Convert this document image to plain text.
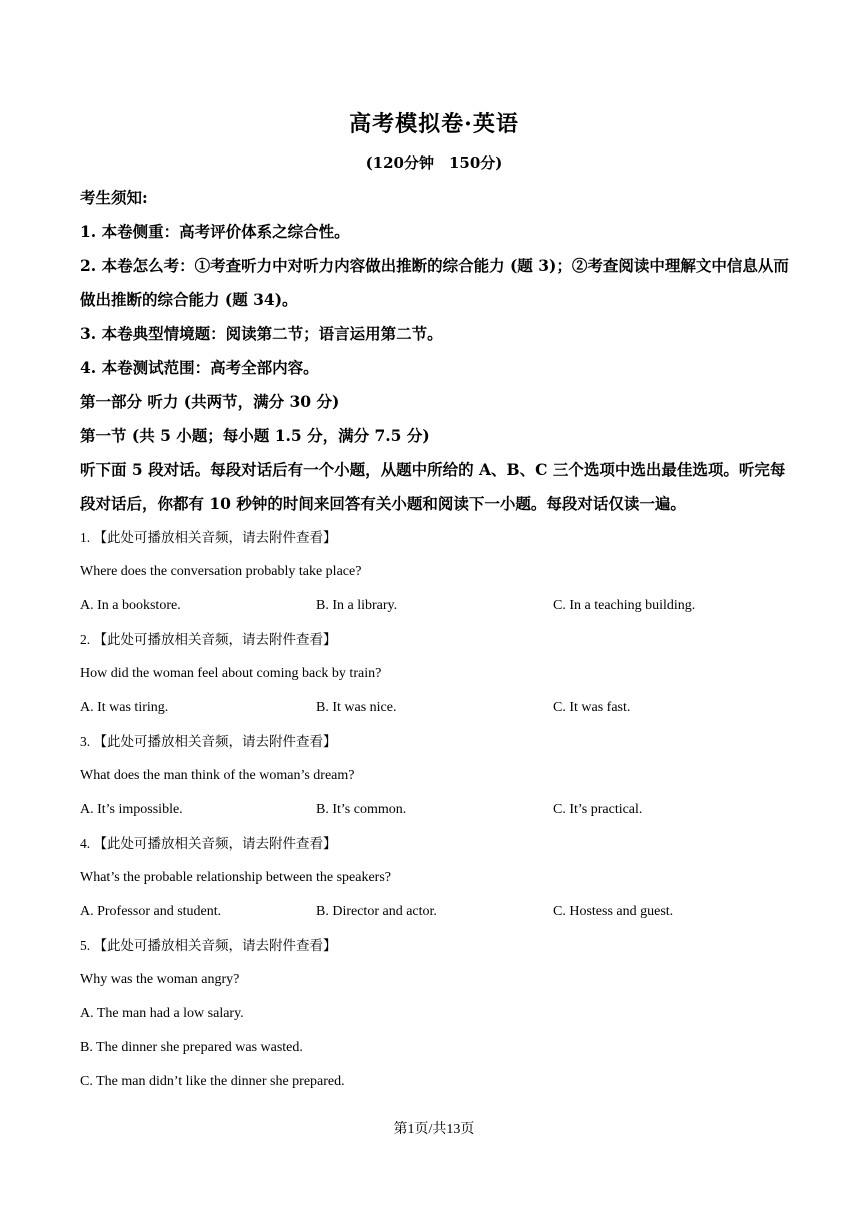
高考模拟卷·英语
(120分钟　150分)

考生须知:

1. 本卷侧重：高考评价体系之综合性。

2. 本卷怎么考：①考查听力中对听力内容做出推断的综合能力 (题 3)；②考查阅读中理解文中信息从而做出推断的综合能力 (题 34)。

3. 本卷典型情境题：阅读第二节；语言运用第二节。

4. 本卷测试范围：高考全部内容。

第一部分 听力 (共两节，满分 30 分)

第一节 (共 5 小题；每小题 1.5 分，满分 7.5 分)

听下面 5 段对话。每段对话后有一个小题，从题中所给的 A、B、C 三个选项中选出最佳选项。听完每段对话后，你都有 10 秒钟的时间来回答有关小题和阅读下一小题。每段对话仅读一遍。

1. 【此处可播放相关音频，请去附件查看】
Where does the conversation probably take place?
A. In a bookstore.	B. In a library.	C. In a teaching building.
2. 【此处可播放相关音频，请去附件查看】
How did the woman feel about coming back by train?
A. It was tiring.	B. It was nice.	C. It was fast.
3. 【此处可播放相关音频，请去附件查看】
What does the man think of the woman’s dream?
A. It’s impossible.	B. It’s common.	C. It’s practical.
4. 【此处可播放相关音频，请去附件查看】
What’s the probable relationship between the speakers?
A. Professor and student.	B. Director and actor.	C. Hostess and guest.
5. 【此处可播放相关音频，请去附件查看】
Why was the woman angry?
A. The man had a low salary.
B. The dinner she prepared was wasted.
C. The man didn’t like the dinner she prepared.
第1页/共13页
